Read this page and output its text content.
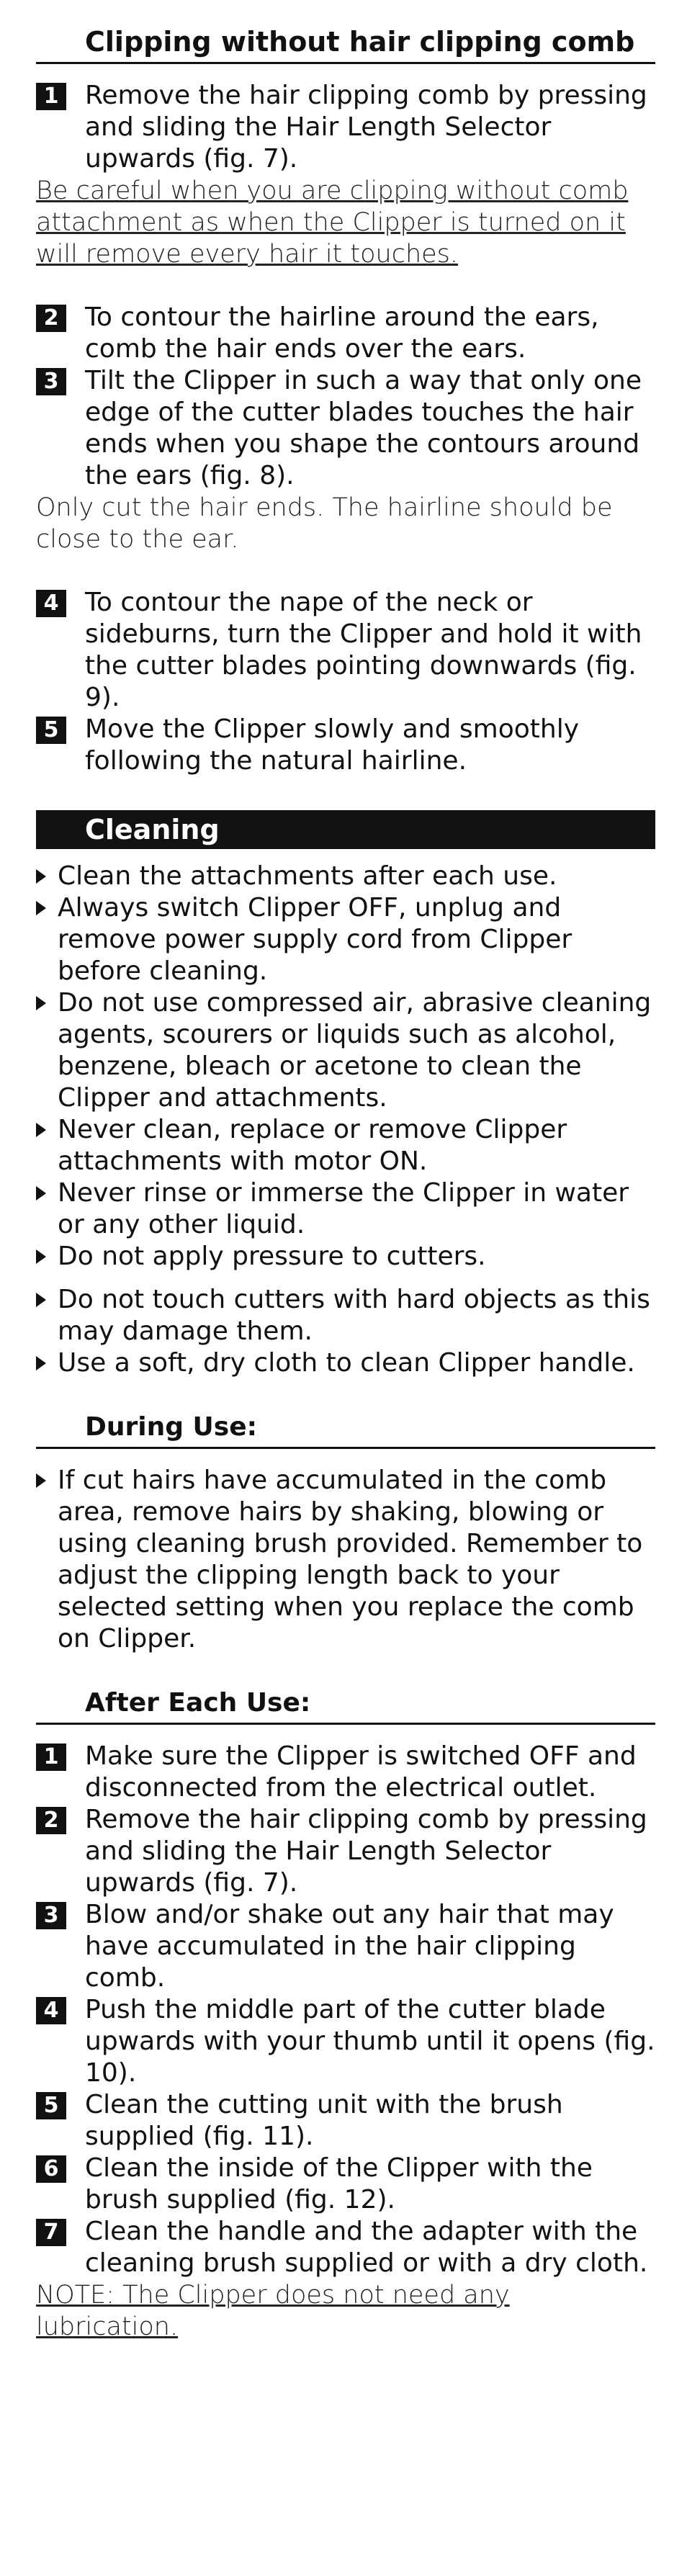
Clipping without hair clipping comb
1 Remove the hair clipping comb by pressing and sliding the Hair Length Selector upwards (fig. 7).
Be careful when you are clipping without comb attachment as when the Clipper is turned on it will remove every hair it touches.
2 To contour the hairline around the ears, comb the hair ends over the ears.
3 Tilt the Clipper in such a way that only one edge of the cutter blades touches the hair ends when you shape the contours around the ears (fig. 8).
Only cut the hair ends. The hairline should be close to the ear.
4 To contour the nape of the neck or sideburns, turn the Clipper and hold it with the cutter blades pointing downwards (fig. 9).
5 Move the Clipper slowly and smoothly following the natural hairline.
Cleaning
Clean the attachments after each use.
Always switch Clipper OFF, unplug and remove power supply cord from Clipper before cleaning.
Do not use compressed air, abrasive cleaning agents, scourers or liquids such as alcohol, benzene, bleach or acetone to clean the Clipper and attachments.
Never clean, replace or remove Clipper attachments with motor ON.
Never rinse or immerse the Clipper in water or any other liquid.
Do not apply pressure to cutters.
Do not touch cutters with hard objects as this may damage them.
Use a soft, dry cloth to clean Clipper handle.
During Use:
If cut hairs have accumulated in the comb area, remove hairs by shaking, blowing or using cleaning brush provided. Remember to adjust the clipping length back to your selected setting when you replace the comb on Clipper.
After Each Use:
1 Make sure the Clipper is switched OFF and disconnected from the electrical outlet.
2 Remove the hair clipping comb by pressing and sliding the Hair Length Selector upwards (fig. 7).
3 Blow and/or shake out any hair that may have accumulated in the hair clipping comb.
4 Push the middle part of the cutter blade upwards with your thumb until it opens (fig. 10).
5 Clean the cutting unit with the brush supplied (fig. 11).
6 Clean the inside of the Clipper with the brush supplied (fig. 12).
7 Clean the handle and the adapter with the cleaning brush supplied or with a dry cloth.
NOTE: The Clipper does not need any lubrication.
